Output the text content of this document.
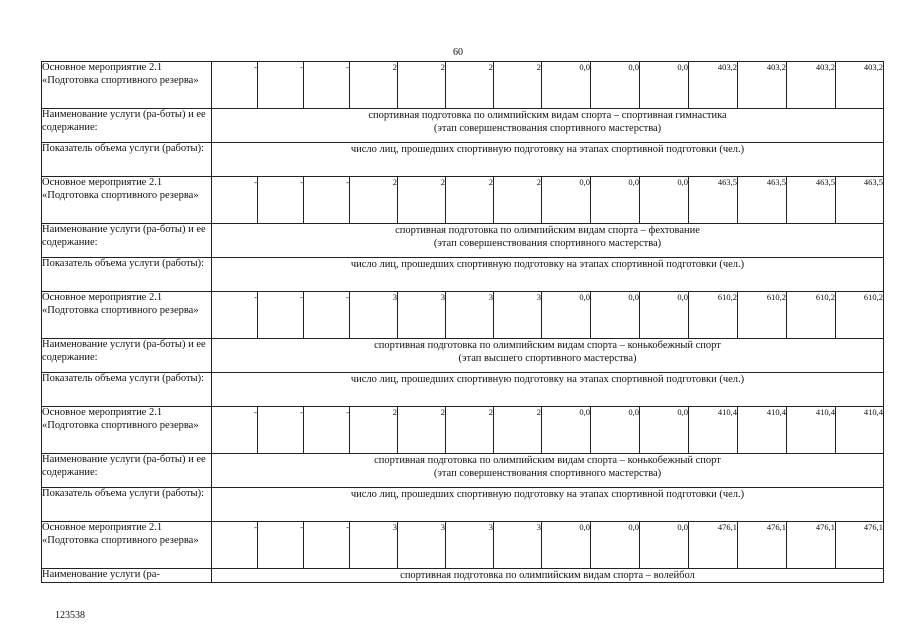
60
Основное мероприятие 2.1 «Подготовка спортивного резерва»	-	-	-	2	2	2	2	0,0	0,0	0,0	403,2	403,2	403,2	403,2
Наименование услуги (ра-боты) и ее содержание:	спортивная подготовка по олимпийским видам спорта – спортивная гимнастика
(этап совершенствования спортивного мастерства)													

Показатель объема услуги (работы):	число лиц, прошедших спортивную подготовку на этапах спортивной подготовки (чел.)													
Основное мероприятие 2.1 «Подготовка спортивного резерва»	-	-	-	2	2	2	2	0,0	0,0	0,0	463,5	463,5	463,5	463,5
Наименование услуги (ра-боты) и ее содержание:	спортивная подготовка по олимпийским видам спорта – фехтование
(этап совершенствования спортивного мастерства)													

Показатель объема услуги (работы):	число лиц, прошедших спортивную подготовку на этапах спортивной подготовки (чел.)													
Основное мероприятие 2.1 «Подготовка спортивного резерва»	-	-	-	3	3	3	3	0,0	0,0	0,0	610,2	610,2	610,2	610,2
Наименование услуги (ра-боты) и ее содержание:	спортивная подготовка по олимпийским видам спорта – конькобежный спорт
(этап высшего спортивного мастерства)													

Показатель объема услуги (работы):	число лиц, прошедших спортивную подготовку на этапах спортивной подготовки (чел.)													
Основное мероприятие 2.1 «Подготовка спортивного резерва»	-	-	-	2	2	2	2	0,0	0,0	0,0	410,4	410,4	410,4	410,4
Наименование услуги (ра-боты) и ее содержание:	спортивная подготовка по олимпийским видам спорта – конькобежный спорт
(этап совершенствования спортивного мастерства)													

Показатель объема услуги (работы):	число лиц, прошедших спортивную подготовку на этапах спортивной подготовки (чел.)													
Основное мероприятие 2.1 «Подготовка спортивного резерва»	-	-	-	3	3	3	3	0,0	0,0	0,0	476,1	476,1	476,1	476,1
Наименование услуги (ра-	спортивная подготовка по олимпийским видам спорта – волейбол													
123538
